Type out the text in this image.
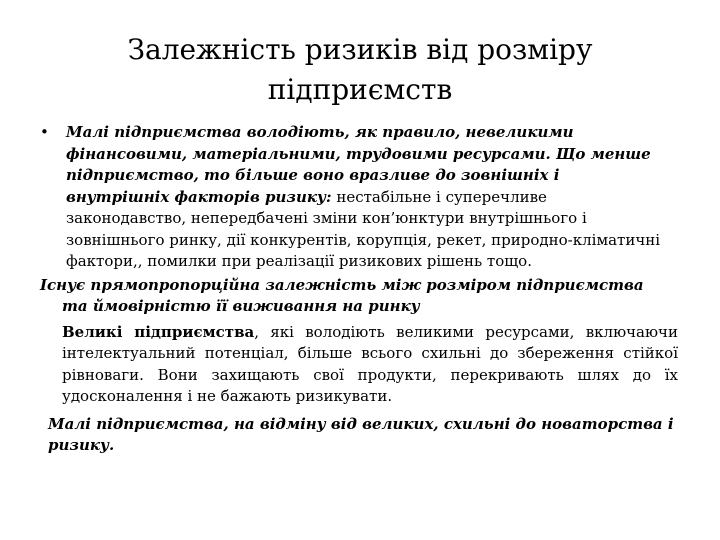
Залежність ризиків від розміру
підприємств
•	Малі підприємства володіють, як правило, невеликими фінансовими, матеріальними, трудовими ресурсами. Що менше підприємство, то більше воно вразливе до зовнішніх і внутрішніх факторів ризику: нестабільне і суперечливе законодавство, непередбачені зміни кон’юнктури внутрішнього і зовнішнього ринку, дії конкурентів, корупція, рекет, природно-кліматичні фактори,, помилки при реалізації ризикових рішень тощо.
Існує прямопропорційна залежність між розміром підприємства та ймовірністю її виживання на ринку
Великі підприємства, які володіють великими ресурсами, включаючи інтелектуальний потенціал, більше всього схильні до збереження стійкої рівноваги. Вони захищають свої продукти, перекривають шлях до їх удосконалення і не бажають ризикувати.
Малі підприємства, на відміну від великих, схильні до новаторства і ризику.
